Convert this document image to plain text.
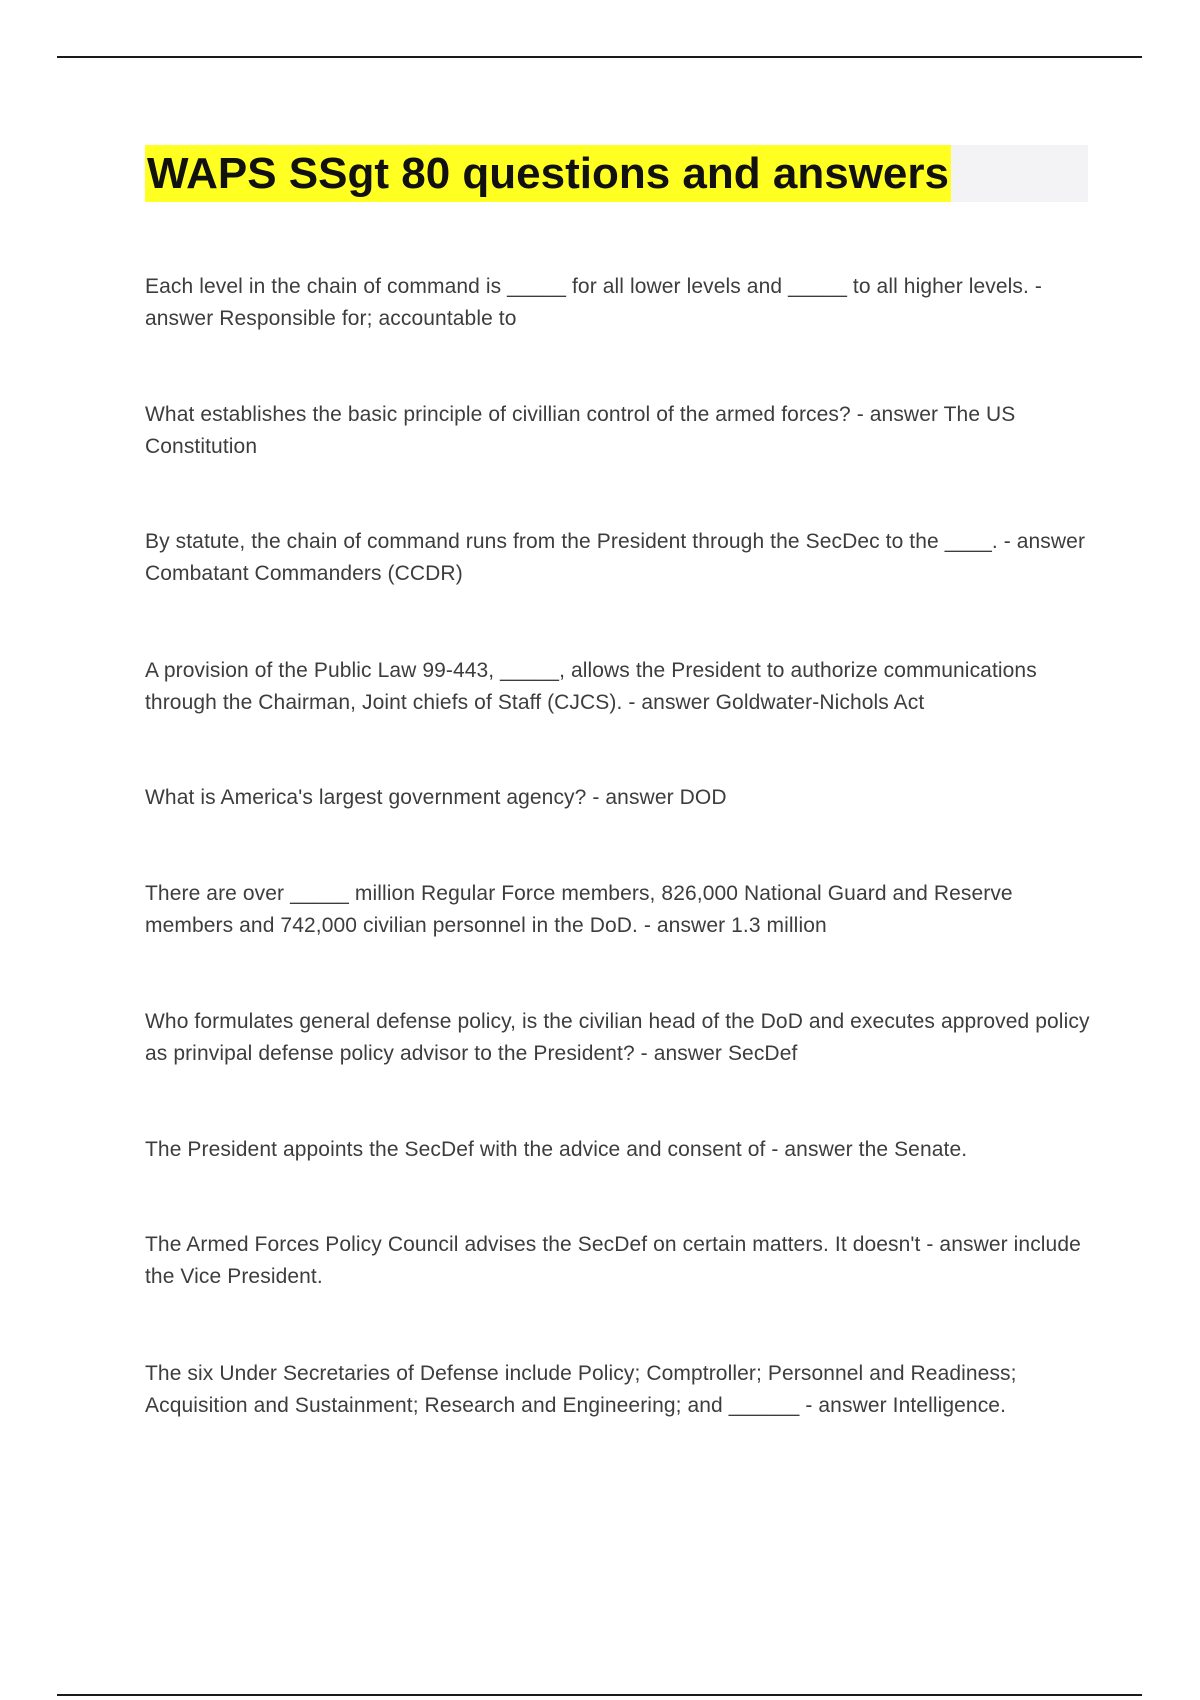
WAPS SSgt 80 questions and answers

Each level in the chain of command is _____ for all lower levels and _____ to all higher levels. - answer Responsible for; accountable to

What establishes the basic principle of civillian control of the armed forces? - answer The US Constitution

By statute, the chain of command runs from the President through the SecDec to the ____. - answer Combatant Commanders (CCDR)

A provision of the Public Law 99-443, _____, allows the President to authorize communications through the Chairman, Joint chiefs of Staff (CJCS). - answer Goldwater-Nichols Act

What is America's largest government agency? - answer DOD

There are over _____ million Regular Force members, 826,000 National Guard and Reserve members and 742,000 civilian personnel in the DoD. - answer 1.3 million

Who formulates general defense policy, is the civilian head of the DoD and executes approved policy as prinvipal defense policy advisor to the President? - answer SecDef

The President appoints the SecDef with the advice and consent of - answer the Senate.

The Armed Forces Policy Council advises the SecDef on certain matters. It doesn't - answer include the Vice President.

The six Under Secretaries of Defense include Policy; Comptroller; Personnel and Readiness; Acquisition and Sustainment; Research and Engineering; and ______ - answer Intelligence.
